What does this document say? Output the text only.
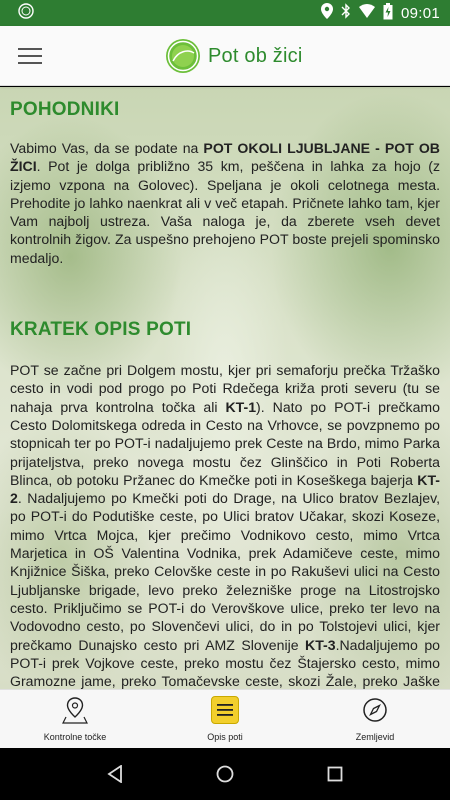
09:01
Pot ob žici
POHODNIKI

Vabimo Vas, da se podate na POT OKOLI LJUBLJANE - POT OB ŽICI. Pot je dolga približno 35 km, peščena in lahka za hojo (z izjemo vzpona na Golovec). Speljana je okoli celotnega mesta. Prehodite jo lahko naenkrat ali v več etapah. Pričnete lahko tam, kjer Vam najbolj ustreza. Vaša naloga je, da zberete vseh devet kontrolnih žigov. Za uspešno prehojeno POT boste prejeli spominsko medaljo.

KRATEK OPIS POTI

POT se začne pri Dolgem mostu, kjer pri semaforju prečka Tržaško cesto in vodi pod progo po Poti Rdečega križa proti severu (tu se nahaja prva kontrolna točka ali KT-1). Nato po POT-i prečkamo Cesto Dolomitskega odreda in Cesto na Vrhovce, se povzpnemo po stopnicah ter po POT-i nadaljujemo prek Ceste na Brdo, mimo Parka prijateljstva, preko novega mostu čez Glinščico in Poti Roberta Blinca, ob potoku Pržanec do Kmečke poti in Koseškega bajerja KT-2. Nadaljujemo po Kmečki poti do Drage, na Ulico bratov Bezlajev, po POT-i do Podutiške ceste, po Ulici bratov Učakar, skozi Koseze, mimo Vrtca Mojca, kjer prečimo Vodnikovo cesto, mimo Vrtca Marjetica in OŠ Valentina Vodnika, prek Adamičeve ceste, mimo Knjižnice Šiška, preko Celovške ceste in po Rakuševi ulici na Cesto Ljubljanske brigade, levo preko železniške proge na Litostrojsko cesto. Priključimo se POT-i do Verovškove ulice, preko ter levo na Vodovodno cesto, po Slovenčevi ulici, do in po Tolstojevi ulici, kjer prečkamo Dunajsko cesto pri AMZ Slovenije KT-3.Nadaljujemo po POT-i prek Vojkove ceste, preko mostu čez Štajersko cesto, mimo Gramozne jame, preko Tomačevske ceste, skozi Žale, preko Jaške

Kontrolne točke	Opis poti	Zemljevid
